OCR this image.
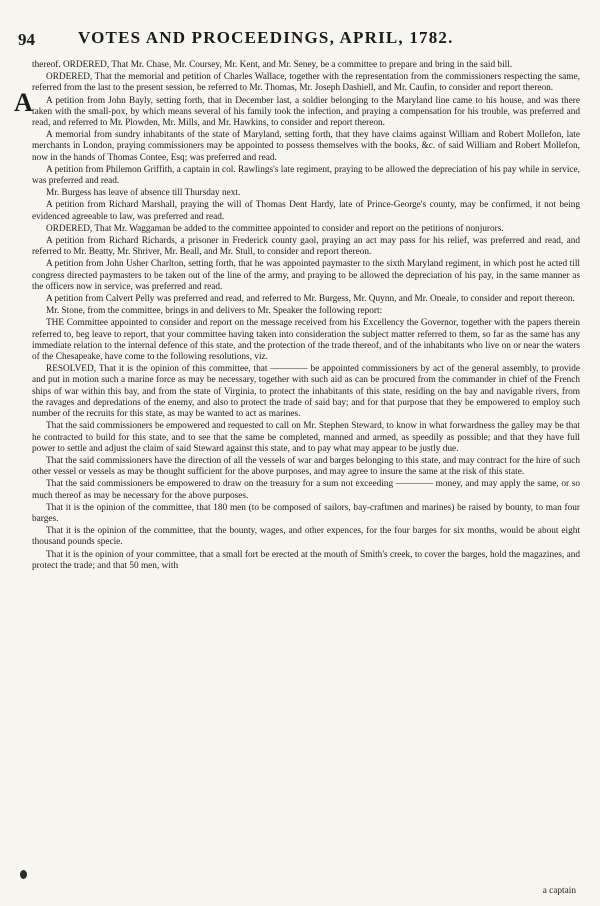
94	VOTES AND PROCEEDINGS, APRIL, 1782.
A

thereof. ORDERED, That Mr. Chase, Mr. Coursey, Mr. Kent, and Mr. Seney, be a committee to prepare and bring in the said bill.

ORDERED, That the memorial and petition of Charles Wallace, together with the representation from the commissioners respecting the same, referred from the last to the present session, be referred to Mr. Thomas, Mr. Joseph Dashiell, and Mr. Caufin, to consider and report thereon.

A petition from John Bayly, setting forth, that in December last, a soldier belonging to the Maryland line came to his house, and was there taken with the small-pox, by which means several of his family took the infection, and praying a compensation for his trouble, was preferred and read, and referred to Mr. Plowden, Mr. Mills, and Mr. Hawkins, to consider and report thereon.

A memorial from sundry inhabitants of the state of Maryland, setting forth, that they have claims against William and Robert Mollefon, late merchants in London, praying commissioners may be appointed to possess themselves with the books, &c. of said William and Robert Mollefon, now in the hands of Thomas Contee, Esq; was preferred and read.

A petition from Philemon Griffith, a captain in col. Rawlings's late regiment, praying to be allowed the depreciation of his pay while in service, was preferred and read.

Mr. Burgess has leave of absence till Thursday next.

A petition from Richard Marshall, praying the will of Thomas Dent Hardy, late of Prince-George's county, may be confirmed, it not being evidenced agreeable to law, was preferred and read.

ORDERED, That Mr. Waggaman be added to the committee appointed to consider and report on the petitions of nonjurors.

A petition from Richard Richards, a prisoner in Frederick county gaol, praying an act may pass for his relief, was preferred and read, and referred to Mr. Beatty, Mr. Shriver, Mr. Beall, and Mr. Stull, to consider and report thereon.

A petition from John Usher Charlton, setting forth, that he was appointed paymaster to the sixth Maryland regiment, in which post he acted till congress directed paymasters to be taken out of the line of the army, and praying to be allowed the depreciation of his pay, in the same manner as the officers now in service, was preferred and read.

A petition from Calvert Pelly was preferred and read, and referred to Mr. Burgess, Mr. Quynn, and Mr. Oneale, to consider and report thereon.

Mr. Stone, from the committee, brings in and delivers to Mr. Speaker the following report:

THE Committee appointed to consider and report on the message received from his Excellency the Governor, together with the papers therein referred to, beg leave to report, that your committee having taken into consideration the subject matter referred to them, so far as the same has any immediate relation to the internal defence of this state, and the protection of the trade thereof, and of the inhabitants who live on or near the waters of the Chesapeake, have come to the following resolutions, viz.

RESOLVED, That it is the opinion of this committee, that ———— be appointed commissioners by act of the general assembly, to provide and put in motion such a marine force as may be necessary, together with such aid as can be procured from the commander in chief of the French ships of war within this bay, and from the state of Virginia, to protect the inhabitants of this state, residing on the bay and navigable rivers, from the ravages and depredations of the enemy, and also to protect the trade of said bay; and for that purpose that they be empowered to employ such number of the recruits for this state, as may be wanted to act as marines.

That the said commissioners be empowered and requested to call on Mr. Stephen Steward, to know in what forwardness the galley may be that he contracted to build for this state, and to see that the same be completed, manned and armed, as speedily as possible; and that they have full power to settle and adjust the claim of said Steward against this state, and to pay what may appear to be justly due.

That the said commissioners have the direction of all the vessels of war and barges belonging to this state, and may contract for the hire of such other vessel or vessels as may be thought sufficient for the above purposes, and may agree to insure the same at the risk of this state.

That the said commissioners be empowered to draw on the treasury for a sum not exceeding ———— money, and may apply the same, or so much thereof as may be necessary for the above purposes.

That it is the opinion of the committee, that 180 men (to be composed of sailors, bay-craftmen and marines) be raised by bounty, to man four barges.

That it is the opinion of the committee, that the bounty, wages, and other expences, for the four barges for six months, would be about eight thousand pounds specie.

That it is the opinion of your committee, that a small fort be erected at the mouth of Smith's creek, to cover the barges, hold the magazines, and protect the trade; and that 50 men, with

a captain
